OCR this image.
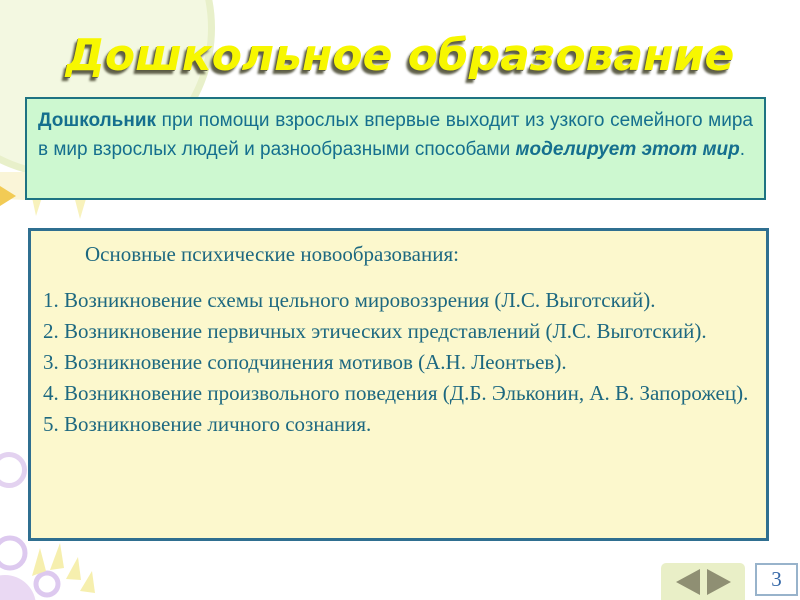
Дошкольное образование

Дошкольник при помощи взрослых впервые выходит из узкого семейного мира в мир взрослых людей и разнообразными способами моделирует этот мир.

Основные психические новообразования:

1. Возникновение схемы цельного мировоззрения (Л.С. Выготский).

2. Возникновение первичных этических представлений (Л.С. Выготский).

3. Возникновение соподчинения мотивов (А.Н. Леонтьев).

4. Возникновение произвольного поведения (Д.Б. Эльконин, А. В. Запорожец).

5. Возникновение личного сознания.

3
